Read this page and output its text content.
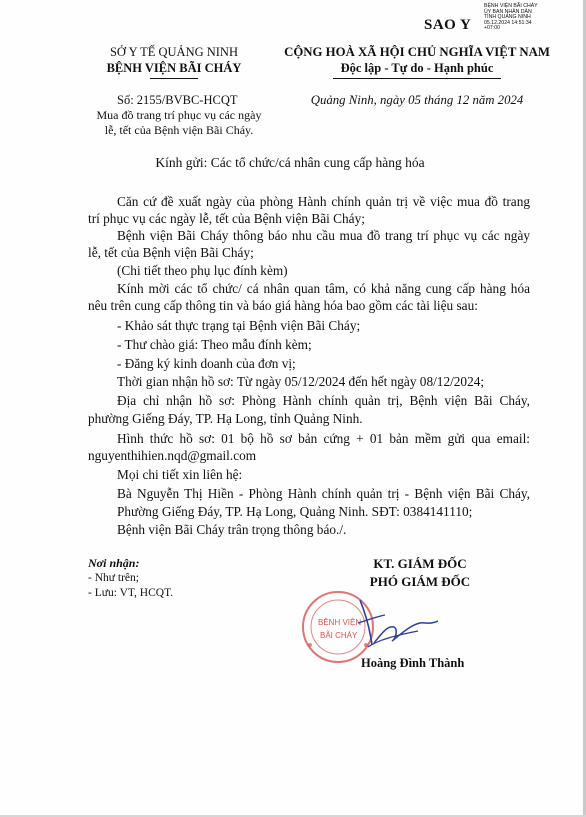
SAO Y
BỆNH VIỆN BÃI CHÁY
ỦY BAN NHÂN DÂN
TỈNH QUẢNG NINH
05.12.2024 14:51:34
+07:00
SỞ Y TẾ QUẢNG NINH
BỆNH VIỆN BÃI CHÁY
Số: 2155/BVBC-HCQT
Mua đồ trang trí phục vụ các ngày
lễ, tết của Bệnh viện Bãi Cháy.
CỘNG HOÀ XÃ HỘI CHỦ NGHĨA VIỆT NAM
Độc lập - Tự do - Hạnh phúc
Quảng Ninh, ngày 05 tháng 12 năm 2024
Kính gửi: Các tổ chức/cá nhân cung cấp hàng hóa
Căn cứ đề xuất ngày của phòng Hành chính quản trị về việc mua đồ trang
trí phục vụ các ngày lễ, tết của Bệnh viện Bãi Cháy;
Bệnh viện Bãi Cháy thông báo nhu cầu mua đồ trang trí phục vụ các ngày
lễ, tết của Bệnh viện Bãi Cháy;
(Chi tiết theo phụ lục đính kèm)
Kính mời các tổ chức/ cá nhân quan tâm, có khả năng cung cấp hàng hóa
nêu trên cung cấp thông tin và báo giá hàng hóa bao gồm các tài liệu sau:
- Khảo sát thực trạng tại Bệnh viện Bãi Cháy;
- Thư chào giá: Theo mẫu đính kèm;
- Đăng ký kinh doanh của đơn vị;
Thời gian nhận hồ sơ: Từ ngày 05/12/2024 đến hết ngày 08/12/2024;
Địa chỉ nhận hồ sơ: Phòng Hành chính quản trị, Bệnh viện Bãi Cháy,
phường Giếng Đáy, TP. Hạ Long, tỉnh Quảng Ninh.
Hình thức hồ sơ: 01 bộ hồ sơ bản cứng + 01 bản mềm gửi qua email:
nguyenthihien.nqd@gmail.com
Mọi chi tiết xin liên hệ:
Bà Nguyễn Thị Hiền - Phòng Hành chính quản trị - Bệnh viện Bãi Cháy,
Phường Giếng Đáy, TP. Hạ Long, Quảng Ninh. SĐT: 0384141110;
Bệnh viện Bãi Cháy trân trọng thông báo./.
Nơi nhận:
- Như trên;
- Lưu: VT, HCQT.
KT. GIÁM ĐỐC
PHÓ GIÁM ĐỐC
BỆNH VIỆN
BÃI CHÁY
Hoàng Đình Thành
